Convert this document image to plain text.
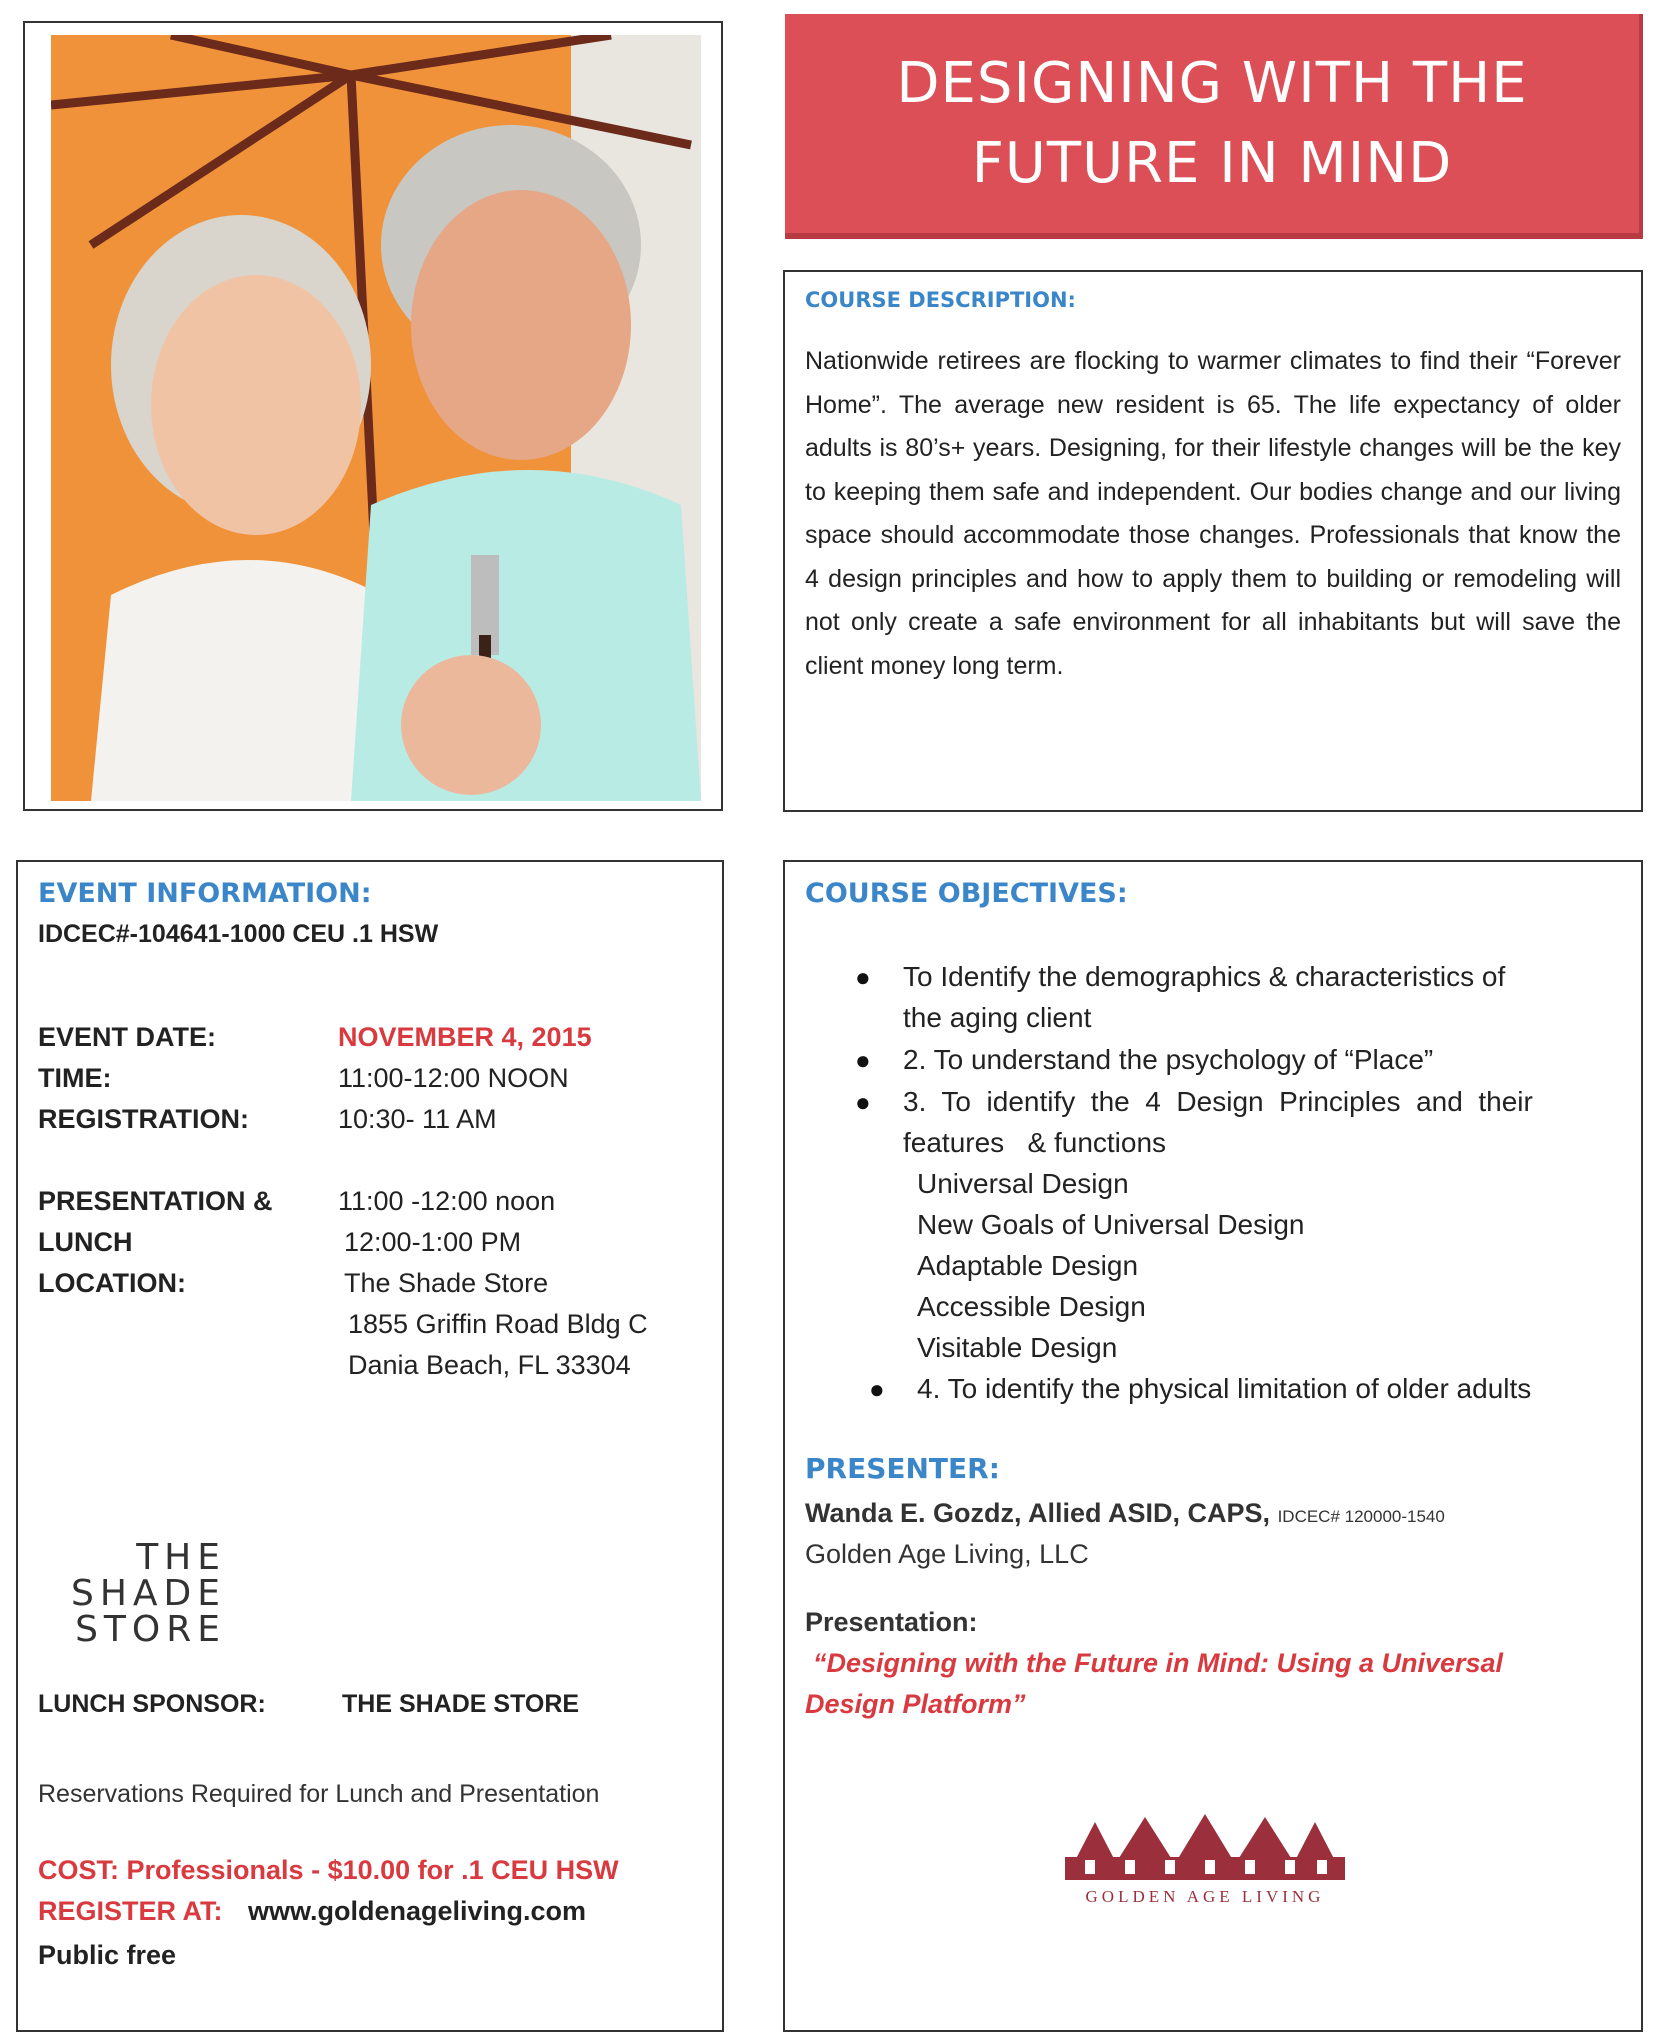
DESIGNING WITH THE
FUTURE IN MIND
COURSE DESCRIPTION:
Nationwide retirees are flocking to warmer climates to find their “Forever Home”. The average new resident is 65. The life expectancy of older adults is 80’s+ years. Designing, for their lifestyle changes will be the key to keeping them safe and independent. Our bodies change and our living space should accommodate those changes. Professionals that know the 4 design principles and how to apply them to building or remodeling will not only create a safe environment for all inhabitants but will save the client money long term.
EVENT INFORMATION:
IDCEC#-104641-1000 CEU .1 HSW
EVENT DATE:	NOVEMBER 4, 2015
TIME:	11:00-12:00 NOON
REGISTRATION:	10:30- 11 AM
PRESENTATION & 11:00 -12:00 noon
LUNCH	12:00-1:00 PM
LOCATION:	The Shade Store
1855 Griffin Road Bldg C
Dania Beach, FL 33304
THE
SHADE
STORE
LUNCH SPONSOR:	THE SHADE STORE
Reservations Required for Lunch and Presentation
COST: Professionals - $10.00 for .1 CEU HSW
REGISTER AT: www.goldenageliving.com
Public free
COURSE OBJECTIVES:
● To Identify the demographics & characteristics of
the aging client
● 2. To understand the psychology of “Place”
● 3.  To  identify  the  4  Design  Principles  and  their
features   & functions
Universal Design
New Goals of Universal Design
Adaptable Design
Accessible Design
Visitable Design
● 4. To identify the physical limitation of older adults
PRESENTER:
Wanda E. Gozdz, Allied ASID, CAPS, IDCEC# 120000-1540
Golden Age Living, LLC
Presentation:
“Designing with the Future in Mind: Using a Universal
Design Platform”
GOLDEN AGE LIVING
